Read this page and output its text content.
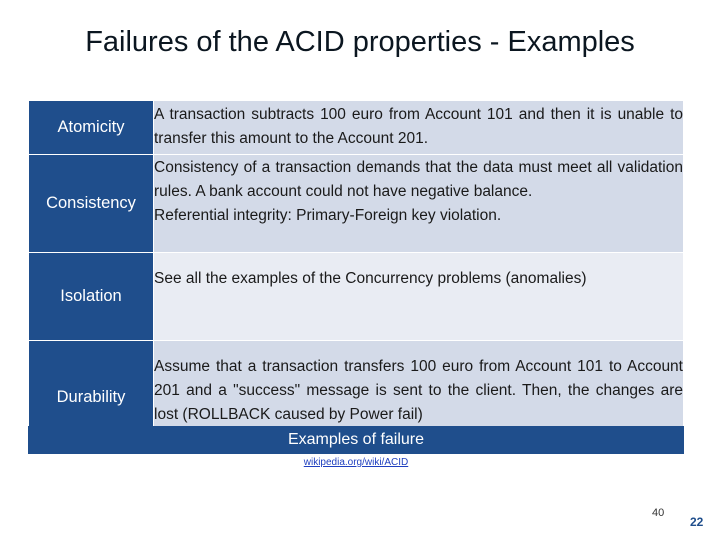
Failures of the ACID properties - Examples
Atomicity	A transaction subtracts 100 euro from Account 101 and then it is unable to transfer this amount to the Account 201.
Consistency	Consistency of a transaction demands that the data must meet all validation rules. A bank account could not have negative balance.
Referential integrity: Primary-Foreign key violation.

Isolation	See all the examples of the Concurrency problems (anomalies)
Durability	Assume that a transaction transfers 100 euro from Account 101 to Account 201 and a "success" message is sent to the client. Then, the changes are lost (ROLLBACK caused by Power fail)
Examples of failure
wikipedia.org/wiki/ACID
40
22
